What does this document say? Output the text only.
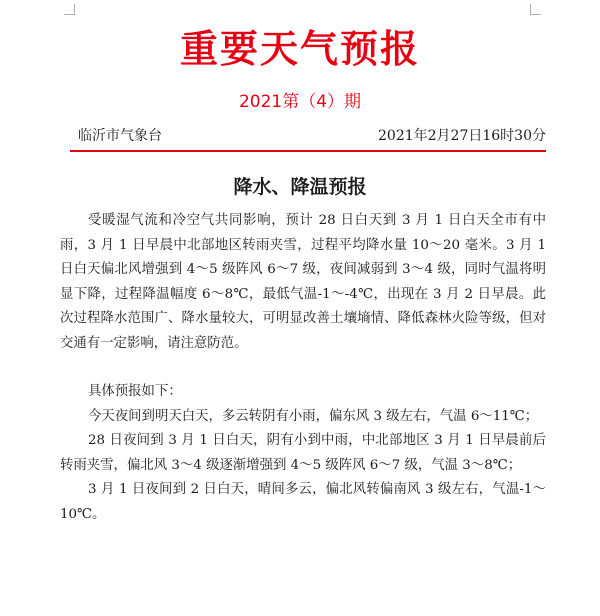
重要天气预报
2021第（4）期
临沂市气象台	2021年2月27日16时30分
降水、降温预报

受暖湿气流和冷空气共同影响，预计 28 日白天到 3 月 1 日白天全市有中雨，3 月 1 日早晨中北部地区转雨夹雪，过程平均降水量 10～20 毫米。3 月 1 日白天偏北风增强到 4～5 级阵风 6～7 级，夜间减弱到 3～4 级，同时气温将明显下降，过程降温幅度 6～8℃，最低气温-1～-4℃，出现在 3 月 2 日早晨。此次过程降水范围广、降水量较大，可明显改善土壤墒情、降低森林火险等级，但对交通有一定影响，请注意防范。

具体预报如下：

今天夜间到明天白天，多云转阴有小雨，偏东风 3 级左右，气温 6～11℃；

28 日夜间到 3 月 1 日白天，阴有小到中雨，中北部地区 3 月 1 日早晨前后转雨夹雪，偏北风 3～4 级逐渐增强到 4～5 级阵风 6～7 级，气温 3～8℃；

3 月 1 日夜间到 2 日白天，晴间多云，偏北风转偏南风 3 级左右，气温-1～10℃。
